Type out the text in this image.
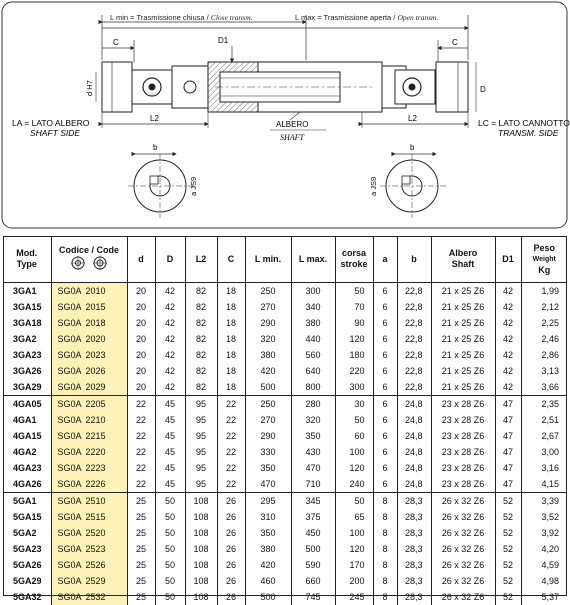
L min = Trasmissione chiusa / Close transm.	L max = Trasmissione aperta / Open transm.
C	C
D1
d H7	D
L2	L2
LA = LATO ALBERO
SHAFT SIDE
LC = LATO CANNOTTO
TRANSM. SIDE
ALBERO
SHAFT
b
a JS9
b
a JS9
Mod.
Type	Codice / Code	d	D	L2	C	L min.	L max.	corsa
stroke	a	b	Albero
Shaft	D1	Peso
Weight
Kg
3GA1	SG0A 2010	20	42	82	18	250	300	50	6	22,8	21 x 25 Z6	42	1,99
3GA15	SG0A 2015	20	42	82	18	270	340	70	6	22,8	21 x 25 Z6	42	2,12
3GA18	SG0A 2018	20	42	82	18	290	380	90	6	22,8	21 x 25 Z6	42	2,25
3GA2	SG0A 2020	20	42	82	18	320	440	120	6	22,8	21 x 25 Z6	42	2,46
3GA23	SG0A 2023	20	42	82	18	380	560	180	6	22,8	21 x 25 Z6	42	2,86
3GA26	SG0A 2026	20	42	82	18	420	640	220	6	22,8	21 x 25 Z6	42	3,13
3GA29	SG0A 2029	20	42	82	18	500	800	300	6	22,8	21 x 25 Z6	42	3,66
4GA05	SG0A 2205	22	45	95	22	250	280	30	6	24,8	23 x 28 Z6	47	2,35
4GA1	SG0A 2210	22	45	95	22	270	320	50	6	24,8	23 x 28 Z6	47	2,51
4GA15	SG0A 2215	22	45	95	22	290	350	60	6	24,8	23 x 28 Z6	47	2,67
4GA2	SG0A 2220	22	45	95	22	330	430	100	6	24,8	23 x 28 Z6	47	3,00
4GA23	SG0A 2223	22	45	95	22	350	470	120	6	24,8	23 x 28 Z6	47	3,16
4GA26	SG0A 2226	22	45	95	22	470	710	240	6	24,8	23 x 28 Z6	47	4,15
5GA1	SG0A 2510	25	50	108	26	295	345	50	8	28,3	26 x 32 Z6	52	3,39
5GA15	SG0A 2515	25	50	108	26	310	375	65	8	28,3	26 x 32 Z6	52	3,52
5GA2	SG0A 2520	25	50	108	26	350	450	100	8	28,3	26 x 32 Z6	52	3,92
5GA23	SG0A 2523	25	50	108	26	380	500	120	8	28,3	26 x 32 Z6	52	4,20
5GA26	SG0A 2526	25	50	108	26	420	590	170	8	28,3	26 x 32 Z6	52	4,59
5GA29	SG0A 2529	25	50	108	26	460	660	200	8	28,3	26 x 32 Z6	52	4,98
5GA32	SG0A 2532	25	50	108	26	500	745	245	8	28,3	26 x 32 Z6	52	5,37
